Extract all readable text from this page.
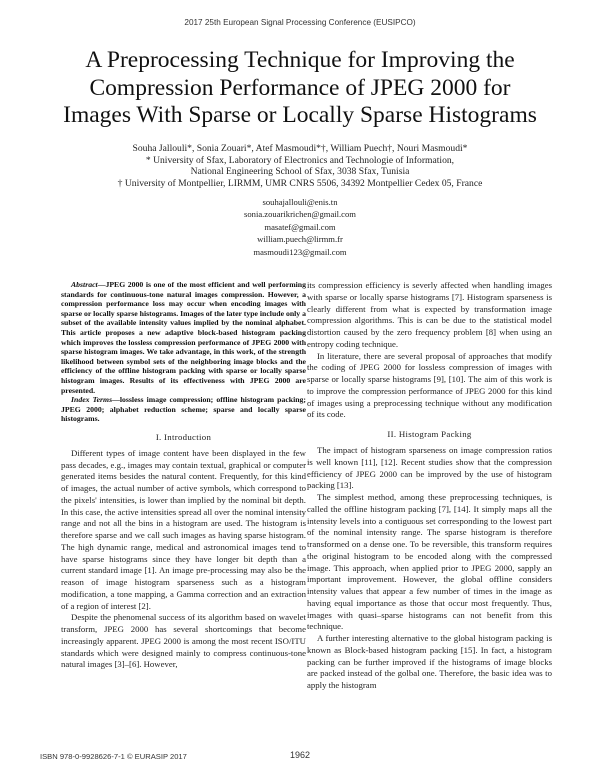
2017 25th European Signal Processing Conference (EUSIPCO)
A Preprocessing Technique for Improving the
Compression Performance of JPEG 2000 for
Images With Sparse or Locally Sparse Histograms
Souha Jallouli*, Sonia Zouari*, Atef Masmoudi*†, William Puech†, Nouri Masmoudi*
* University of Sfax, Laboratory of Electronics and Technologie of Information,
National Engineering School of Sfax, 3038 Sfax, Tunisia
† University of Montpellier, LIRMM, UMR CNRS 5506, 34392 Montpellier Cedex 05, France
souhajallouli@enis.tn
sonia.zouarikrichen@gmail.com
masatef@gmail.com
william.puech@lirmm.fr
masmoudi123@gmail.com

Abstract—JPEG 2000 is one of the most efficient and well performing standards for continuous-tone natural images compression. However, a compression performance loss may occur when encoding images with sparse or locally sparse histograms. Images of the later type include only a subset of the available intensity values implied by the nominal alphabet. This article proposes a new adaptive block-based histogram packing which improves the lossless compression performance of JPEG 2000 with sparse histogram images. We take advantage, in this work, of the strength likelihood between symbol sets of the neighboring image blocks and the efficiency of the offline histogram packing with sparse or locally sparse histogram images. Results of its effectiveness with JPEG 2000 are presented.

Index Terms—lossless image compression; offline histogram packing; JPEG 2000; alphabet reduction scheme; sparse and locally sparse histograms.

I. Introduction

Different types of image content have been displayed in the few pass decades, e.g., images may contain textual, graphical or computer generated items besides the natural content. Frequently, for this kind of images, the actual number of active symbols, which correspond to the pixels' intensities, is lower than implied by the nominal bit depth. In this case, the active intensities spread all over the nominal intensity range and not all the bins in a histogram are used. The histogram is therefore sparse and we call such images as having sparse histogram. The high dynamic range, medical and astronomical images tend to have sparse histograms since they have longer bit depth than a current standard image [1]. An image pre-processing may also be the reason of image histogram sparseness such as a histogram modification, a tone mapping, a Gamma correction and an extraction of a region of interest [2].

Despite the phenomenal success of its algorithm based on wavelet transform, JPEG 2000 has several shortcomings that become increasingly apparent. JPEG 2000 is among the most recent ISO/ITU standards which were designed mainly to compress continuous-tone natural images [3]–[6]. However,

its compression efficiency is severly affected when handling images with sparse or locally sparse histograms [7]. Histogram sparseness is clearly different from what is expected by transformation image compression algorithms. This is can be due to the statistical model distortion caused by the zero frequency problem [8] when using an entropy coding technique.

In literature, there are several proposal of approaches that modify the coding of JPEG 2000 for lossless compression of images with sparse or locally sparse histograms [9], [10]. The aim of this work is to improve the compression performance of JPEG 2000 for this kind of images using a preprocessing technique without any modification of its code.

II. Histogram Packing

The impact of histogram sparseness on image compression ratios is well known [11], [12]. Recent studies show that the compression efficiency of JPEG 2000 can be improved by the use of histogram packing [13].

The simplest method, among these preprocessing techniques, is called the offline histogram packing [7], [14]. It simply maps all the intensity levels into a contiguous set corresponding to the lowest part of the nominal intensity range. The sparse histogram is therefore transformed on a dense one. To be reversible, this transform requires the original histogram to be encoded along with the compressed image. This approach, when applied prior to JPEG 2000, sapply an important improvement. However, the global offline considers intensity values that appear a few number of times in the image as having equal importance as those that occur most frequently. Thus, images with quasi–sparse histograms can not benefit from this technique.

A further interesting alternative to the global histogram packing is known as Block-based histogram packing [15]. In fact, a histogram packing can be further improved if the histograms of image blocks are packed instead of the golbal one. Therefore, the basic idea was to apply the histogram

ISBN 978-0-9928626-7-1 © EURASIP 2017	1962
